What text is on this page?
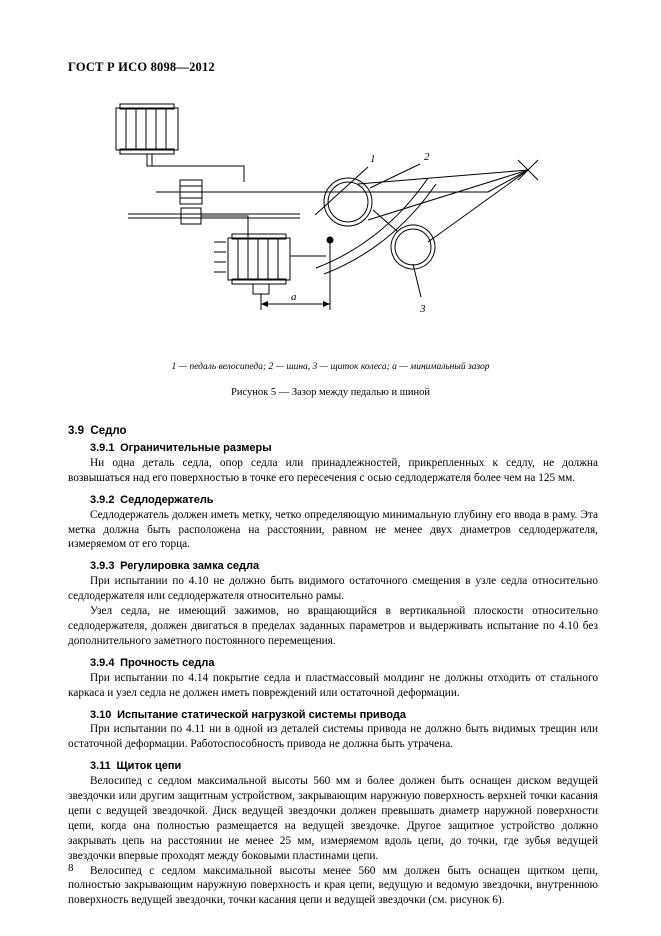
ГОСТ Р ИСО 8098—2012
1	2
3
a
1 — педаль велосипеда; 2 — шина, 3 — щиток колеса; a — минимальный зазор
Рисунок 5 — Зазор между педалью и шиной
3.9 Седло

3.9.1 Ограничительные размеры

Ни одна деталь седла, опор седла или принадлежностей, прикрепленных к седлу, не должна возвышаться над его поверхностью в точке его пересечения с осью седлодержателя более чем на 125 мм.

3.9.2 Седлодержатель

Седлодержатель должен иметь метку, четко определяющую минимальную глубину его ввода в раму. Эта метка должна быть расположена на расстоянии, равном не менее двух диаметров седлодержателя, измеряемом от его торца.

3.9.3 Регулировка замка седла

При испытании по 4.10 не должно быть видимого остаточного смещения в узле седла относительно седлодержателя или седлодержателя относительно рамы.

Узел седла, не имеющий зажимов, но вращающийся в вертикальной плоскости относительно седлодержателя, должен двигаться в пределах заданных параметров и выдерживать испытание по 4.10 без дополнительного заметного постоянного перемещения.

3.9.4 Прочность седла

При испытании по 4.14 покрытие седла и пластмассовый молдинг не должны отходить от стального каркаса и узел седла не должен иметь повреждений или остаточной деформации.

3.10 Испытание статической нагрузкой системы привода

При испытании по 4.11 ни в одной из деталей системы привода не должно быть видимых трещин или остаточной деформации. Работоспособность привода не должна быть утрачена.

3.11 Щиток цепи

Велосипед с седлом максимальной высоты 560 мм и более должен быть оснащен диском ведущей звездочки или другим защитным устройством, закрывающим наружную поверхность верхней точки касания цепи с ведущей звездочкой. Диск ведущей звездочки должен превышать диаметр наружной поверхности цепи, когда она полностью размещается на ведущей звездочке. Другое защитное устройство должно закрывать цепь на расстоянии не менее 25 мм, измеряемом вдоль цепи, до точки, где зубья ведущей звездочки впервые проходят между боковыми пластинами цепи.

Велосипед с седлом максимальной высоты менее 560 мм должен быть оснащен щитком цепи, полностью закрывающим наружную поверхность и края цепи, ведущую и ведомую звездочки, внутреннюю поверхность ведущей звездочки, точки касания цепи и ведущей звездочки (см. рисунок 6).

8
